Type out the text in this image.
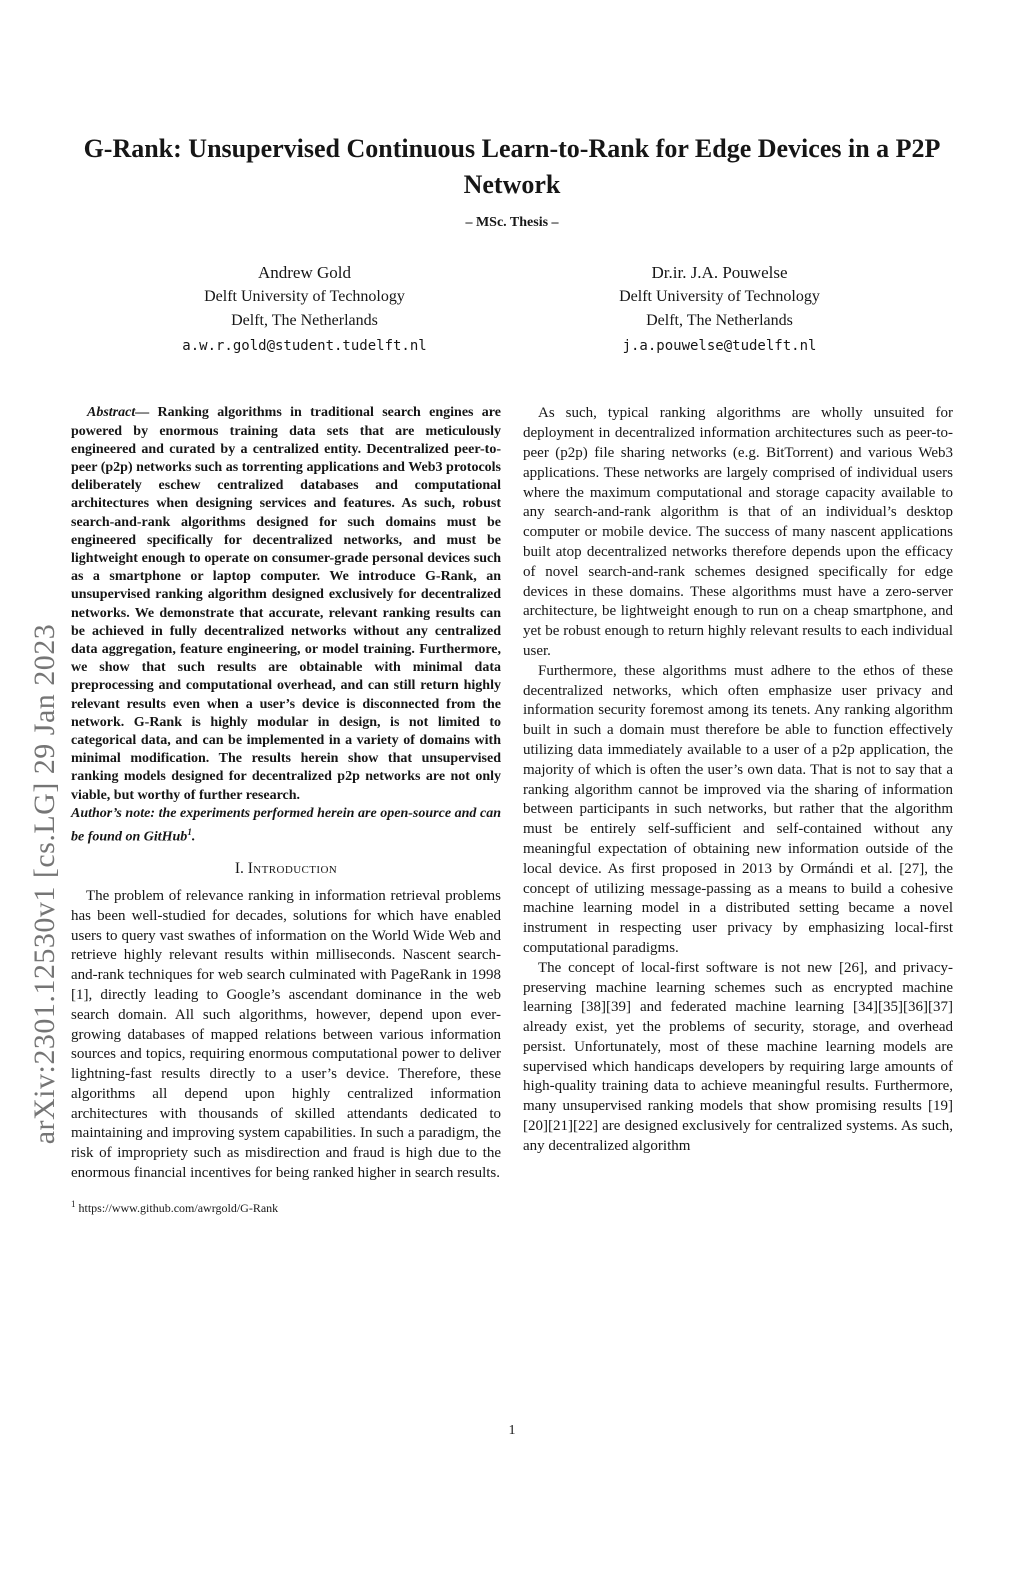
arXiv:2301.12530v1 [cs.LG] 29 Jan 2023
G-Rank: Unsupervised Continuous Learn-to-Rank for Edge Devices in a P2P Network
– MSc. Thesis –
Andrew Gold
Delft University of Technology
Delft, The Netherlands
a.w.r.gold@student.tudelft.nl
Dr.ir. J.A. Pouwelse
Delft University of Technology
Delft, The Netherlands
j.a.pouwelse@tudelft.nl

Abstract— Ranking algorithms in traditional search engines are powered by enormous training data sets that are meticulously engineered and curated by a centralized entity. Decentralized peer-to-peer (p2p) networks such as torrenting applications and Web3 protocols deliberately eschew centralized databases and computational architectures when designing services and features. As such, robust search-and-rank algorithms designed for such domains must be engineered specifically for decentralized networks, and must be lightweight enough to operate on consumer-grade personal devices such as a smartphone or laptop computer. We introduce G-Rank, an unsupervised ranking algorithm designed exclusively for decentralized networks. We demonstrate that accurate, relevant ranking results can be achieved in fully decentralized networks without any centralized data aggregation, feature engineering, or model training. Furthermore, we show that such results are obtainable with minimal data preprocessing and computational overhead, and can still return highly relevant results even when a user’s device is disconnected from the network. G-Rank is highly modular in design, is not limited to categorical data, and can be implemented in a variety of domains with minimal modification. The results herein show that unsupervised ranking models designed for decentralized p2p networks are not only viable, but worthy of further research.

Author’s note: the experiments performed herein are open-source and can be found on GitHub$^1$.

I. Introduction

The problem of relevance ranking in information retrieval problems has been well-studied for decades, solutions for which have enabled users to query vast swathes of information on the World Wide Web and retrieve highly relevant results within milliseconds. Nascent search-and-rank techniques for web search culminated with PageRank in 1998 [1], directly leading to Google’s ascendant dominance in the web search domain. All such algorithms, however, depend upon ever-growing databases of mapped relations between various information sources and topics, requiring enormous computational power to deliver lightning-fast results directly to a user’s device. Therefore, these algorithms all depend upon highly centralized information architectures with thousands of skilled attendants dedicated to maintaining and improving system capabilities. In such a paradigm, the risk of impropriety such as misdirection and fraud is high due to the enormous financial incentives for being ranked higher in search results.

$^1$ https://www.github.com/awrgold/G-Rank

As such, typical ranking algorithms are wholly unsuited for deployment in decentralized information architectures such as peer-to-peer (p2p) file sharing networks (e.g. BitTorrent) and various Web3 applications. These networks are largely comprised of individual users where the maximum computational and storage capacity available to any search-and-rank algorithm is that of an individual’s desktop computer or mobile device. The success of many nascent applications built atop decentralized networks therefore depends upon the efficacy of novel search-and-rank schemes designed specifically for edge devices in these domains. These algorithms must have a zero-server architecture, be lightweight enough to run on a cheap smartphone, and yet be robust enough to return highly relevant results to each individual user.

Furthermore, these algorithms must adhere to the ethos of these decentralized networks, which often emphasize user privacy and information security foremost among its tenets. Any ranking algorithm built in such a domain must therefore be able to function effectively utilizing data immediately available to a user of a p2p application, the majority of which is often the user’s own data. That is not to say that a ranking algorithm cannot be improved via the sharing of information between participants in such networks, but rather that the algorithm must be entirely self-sufficient and self-contained without any meaningful expectation of obtaining new information outside of the local device. As first proposed in 2013 by Ormándi et al. [27], the concept of utilizing message-passing as a means to build a cohesive machine learning model in a distributed setting became a novel instrument in respecting user privacy by emphasizing local-first computational paradigms.

The concept of local-first software is not new [26], and privacy-preserving machine learning schemes such as encrypted machine learning [38][39] and federated machine learning [34][35][36][37] already exist, yet the problems of security, storage, and overhead persist. Unfortunately, most of these machine learning models are supervised which handicaps developers by requiring large amounts of high-quality training data to achieve meaningful results. Furthermore, many unsupervised ranking models that show promising results [19][20][21][22] are designed exclusively for centralized systems. As such, any decentralized algorithm

1
